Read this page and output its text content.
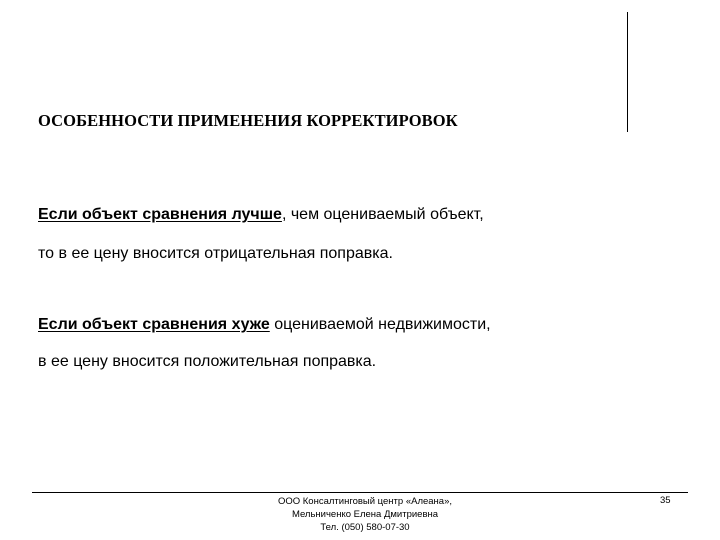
ОСОБЕННОСТИ ПРИМЕНЕНИЯ КОРРЕКТИРОВОК

Если объект сравнения лучше, чем оцениваемый объект,

то в ее цену вносится отрицательная поправка.

Если объект сравнения хуже оцениваемой недвижимости,

в ее цену вносится положительная поправка.

ООО Консалтинговый центр «Алеана»,
Мельниченко Елена Дмитриевна
Тел. (050) 580-07-30
35
